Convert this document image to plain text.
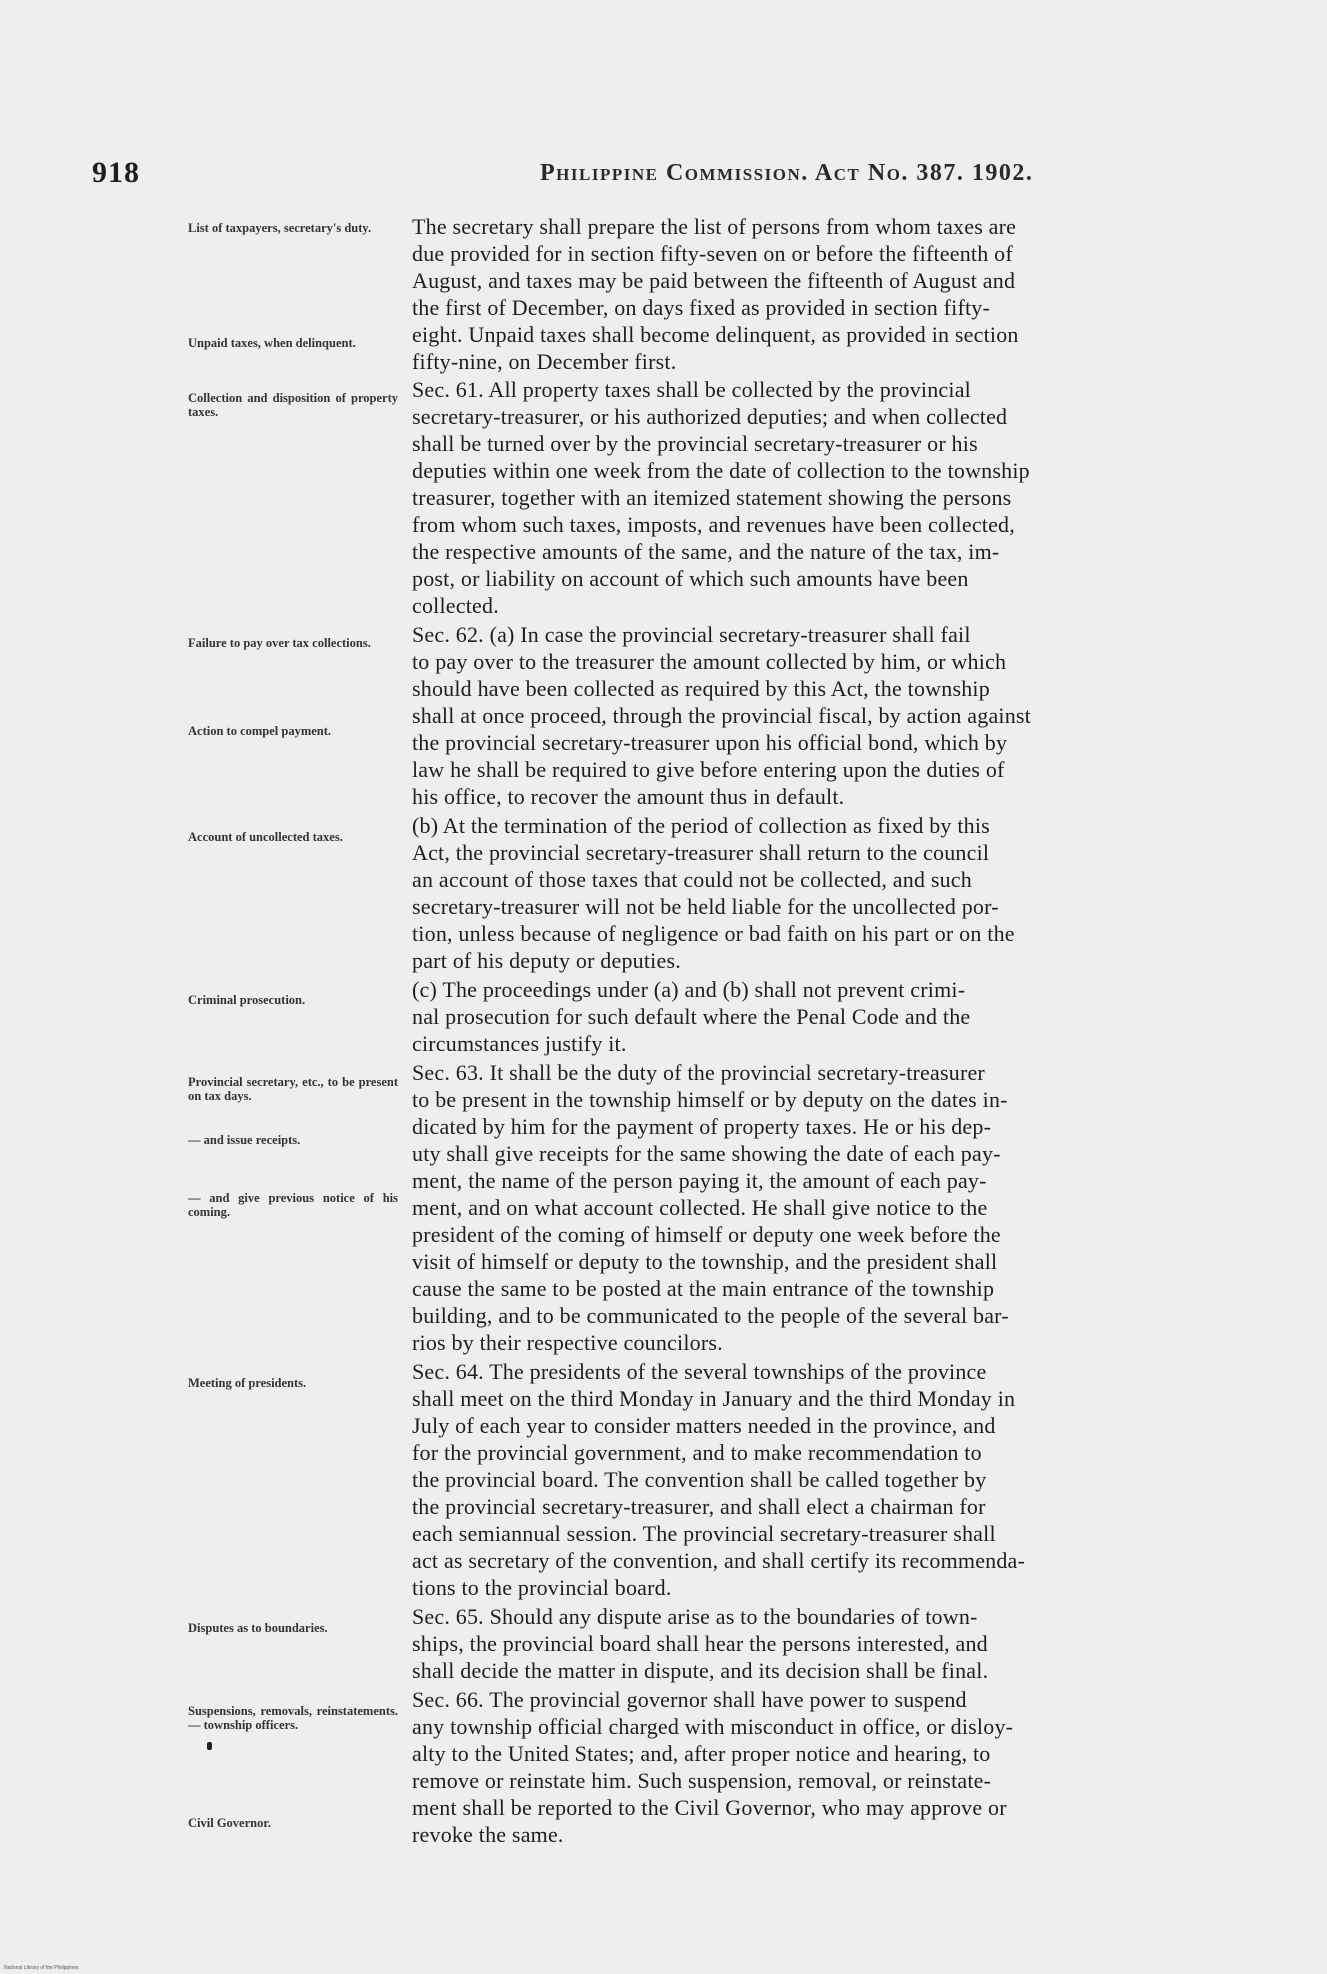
918	Philippine Commission. Act No. 387. 1902.
List of taxpayers, secretary's duty.
Unpaid taxes, when delinquent.
Collection and disposition of property taxes.
Failure to pay over tax collections.
Action to compel payment.
Account of uncollected taxes.
Criminal prosecution.
Provincial secretary, etc., to be present on tax days.
— and issue receipts.
— and give previous notice of his coming.
Meeting of presidents.
Disputes as to boundaries.
Suspensions, removals, reinstatements. — township officers.
Civil Governor.
The secretary shall prepare the list of persons from whom taxes are
due provided for in section fifty-seven on or before the fifteenth of
August, and taxes may be paid between the fifteenth of August and
the first of December, on days fixed as provided in section fifty-
eight. Unpaid taxes shall become delinquent, as provided in section
fifty-nine, on December first.
Sec. 61. All property taxes shall be collected by the provincial
secretary-treasurer, or his authorized deputies; and when collected
shall be turned over by the provincial secretary-treasurer or his
deputies within one week from the date of collection to the township
treasurer, together with an itemized statement showing the persons
from whom such taxes, imposts, and revenues have been collected,
the respective amounts of the same, and the nature of the tax, im-
post, or liability on account of which such amounts have been
collected.
Sec. 62. (a) In case the provincial secretary-treasurer shall fail
to pay over to the treasurer the amount collected by him, or which
should have been collected as required by this Act, the township
shall at once proceed, through the provincial fiscal, by action against
the provincial secretary-treasurer upon his official bond, which by
law he shall be required to give before entering upon the duties of
his office, to recover the amount thus in default.
(b) At the termination of the period of collection as fixed by this
Act, the provincial secretary-treasurer shall return to the council
an account of those taxes that could not be collected, and such
secretary-treasurer will not be held liable for the uncollected por-
tion, unless because of negligence or bad faith on his part or on the
part of his deputy or deputies.
(c) The proceedings under (a) and (b) shall not prevent crimi-
nal prosecution for such default where the Penal Code and the
circumstances justify it.
Sec. 63. It shall be the duty of the provincial secretary-treasurer
to be present in the township himself or by deputy on the dates in-
dicated by him for the payment of property taxes. He or his dep-
uty shall give receipts for the same showing the date of each pay-
ment, the name of the person paying it, the amount of each pay-
ment, and on what account collected. He shall give notice to the
president of the coming of himself or deputy one week before the
visit of himself or deputy to the township, and the president shall
cause the same to be posted at the main entrance of the township
building, and to be communicated to the people of the several bar-
rios by their respective councilors.
Sec. 64. The presidents of the several townships of the province
shall meet on the third Monday in January and the third Monday in
July of each year to consider matters needed in the province, and
for the provincial government, and to make recommendation to
the provincial board. The convention shall be called together by
the provincial secretary-treasurer, and shall elect a chairman for
each semiannual session. The provincial secretary-treasurer shall
act as secretary of the convention, and shall certify its recommenda-
tions to the provincial board.
Sec. 65. Should any dispute arise as to the boundaries of town-
ships, the provincial board shall hear the persons interested, and
shall decide the matter in dispute, and its decision shall be final.
Sec. 66. The provincial governor shall have power to suspend
any township official charged with misconduct in office, or disloy-
alty to the United States; and, after proper notice and hearing, to
remove or reinstate him. Such suspension, removal, or reinstate-
ment shall be reported to the Civil Governor, who may approve or
revoke the same.
National Library of the Philippines
